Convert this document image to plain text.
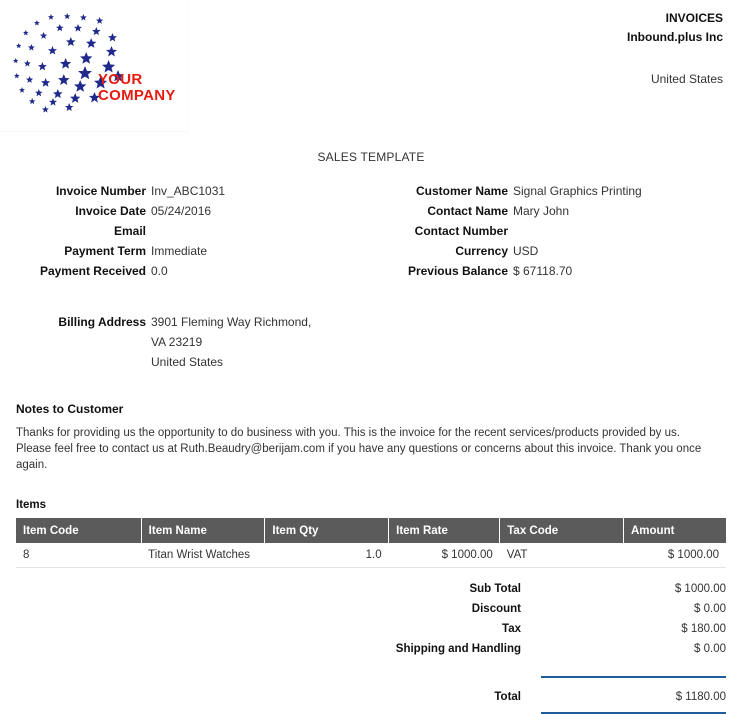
YOUR
COMPANY
INVOICES
Inbound.plus Inc
United States
SALES TEMPLATE
Invoice Number Inv_ABC1031
Invoice Date 05/24/2016
Email
Payment Term Immediate
Payment Received 0.0
Customer Name Signal Graphics Printing
Contact Name Mary John
Contact Number
Currency USD
Previous Balance $ 67118.70
Billing Address 3901 Fleming Way Richmond,
VA 23219
United States
Notes to Customer
Thanks for providing us the opportunity to do business with you. This is the invoice for the recent services/products provided by us. Please feel free to contact us at Ruth.Beaudry@berijam.com if you have any questions or concerns about this invoice. Thank you once again.
Items
Item Code	Item Name	Item Qty	Item Rate	Tax Code	Amount
8	Titan Wrist Watches	1.0	$ 1000.00	VAT	$ 1000.00
Sub Total	$ 1000.00
Discount	$ 0.00
Tax	$ 180.00
Shipping and Handling	$ 0.00
Total	$ 1180.00
